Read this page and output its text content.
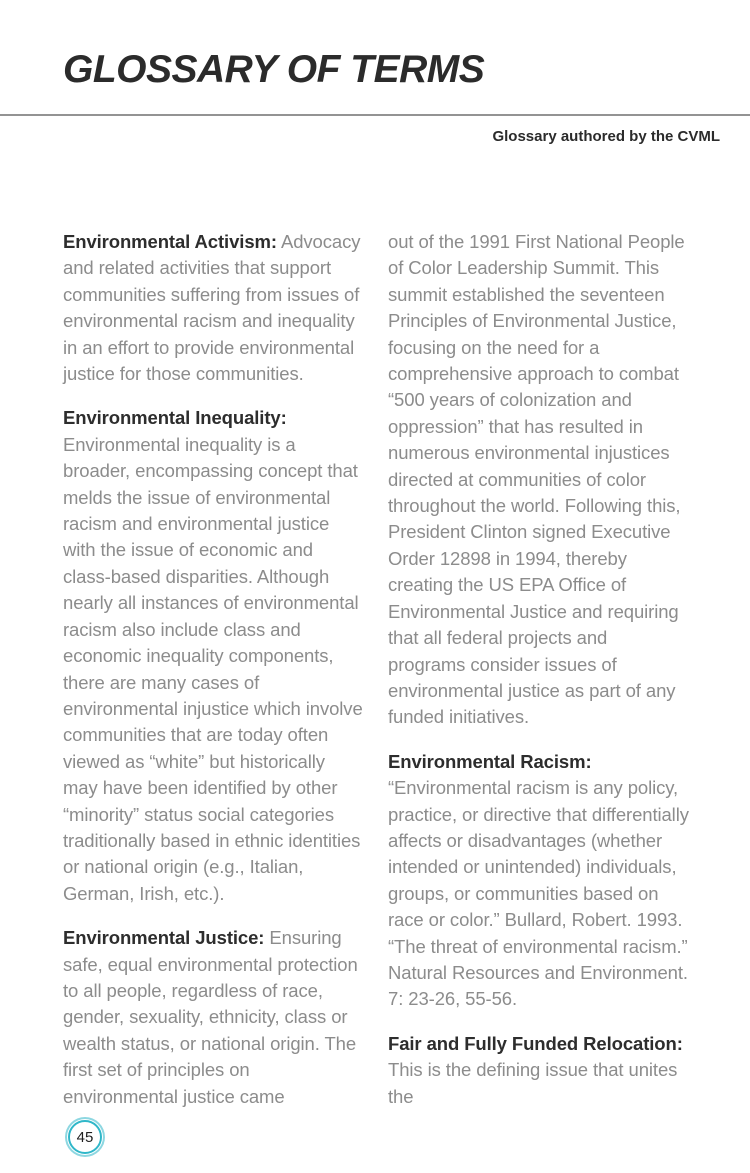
GLOSSARY OF TERMS
Glossary authored by the CVML

Environmental Activism: Advocacy and related activities that support communities suffering from issues of environmental racism and inequality in an effort to provide environmental justice for those communities.

Environmental Inequality:
Environmental inequality is a broader, encompassing concept that melds the issue of environmental racism and environmental justice with the issue of economic and class-based disparities. Although nearly all instances of environmental racism also include class and economic inequality components, there are many cases of environmental injustice which involve communities that are today often viewed as “white” but historically may have been identified by other “minority” status social categories traditionally based in ethnic identities or national origin (e.g., Italian, German, Irish, etc.).

Environmental Justice: Ensuring safe, equal environmental protection to all people, regardless of race, gender, sexuality, ethnicity, class or wealth status, or national origin. The first set of principles on environmental justice came

out of the 1991 First National People of Color Leadership Summit. This summit established the seventeen Principles of Environmental Justice, focusing on the need for a comprehensive approach to combat “500 years of colonization and oppression” that has resulted in numerous environmental injustices directed at communities of color throughout the world. Following this, President Clinton signed Executive Order 12898 in 1994, thereby creating the US EPA Office of Environmental Justice and requiring that all federal projects and programs consider issues of environmental justice as part of any funded initiatives.

Environmental Racism: “Environmental racism is any policy, practice, or directive that differentially affects or disadvantages (whether intended or unintended) individuals, groups, or communities based on race or color.” Bullard, Robert. 1993. “The threat of environmental racism.” Natural Resources and Environment. 7: 23-26, 55-56.

Fair and Fully Funded Relocation:
This is the defining issue that unites the

45
